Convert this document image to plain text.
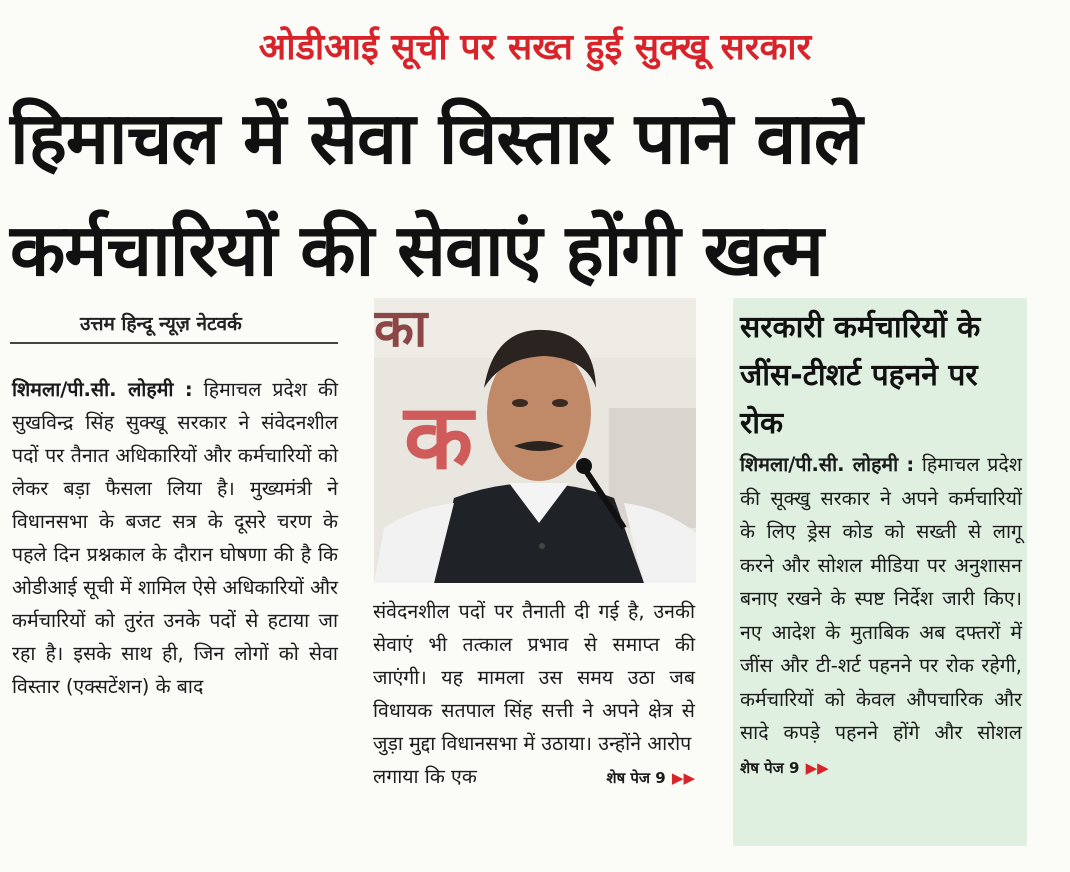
ओडीआई सूची पर सख्त हुई सुक्खू सरकार
हिमाचल में सेवा विस्तार पाने वाले
कर्मचारियों की सेवाएं होंगी खत्म
उत्तम हिन्दू न्यूज़ नेटवर्क
शिमला/पी.सी. लोहमी : हिमाचल प्रदेश की सुखविन्द्र सिंह सुक्खू सरकार ने संवेदनशील पदों पर तैनात अधिकारियों और कर्मचारियों को लेकर बड़ा फैसला लिया है। मुख्यमंत्री ने विधानसभा के बजट सत्र के दूसरे चरण के पहले दिन प्रश्नकाल के दौरान घोषणा की है कि ओडीआई सूची में शामिल ऐसे अधिकारियों और कर्मचारियों को तुरंत उनके पदों से हटाया जा रहा है। इसके साथ ही, जिन लोगों को सेवा विस्तार (एक्सटेंशन) के बाद
का
क
संवेदनशील पदों पर तैनाती दी गई है, उनकी सेवाएं भी तत्काल प्रभाव से समाप्त की जाएंगी। यह मामला उस समय उठा जब विधायक सतपाल सिंह सत्ती ने अपने क्षेत्र से जुड़ा मुद्दा विधानसभा में उठाया। उन्होंने आरोप
लगाया कि एक	शेष पेज 9 ▶▶
सरकारी कर्मचारियों के जींस-टीशर्ट पहनने पर रोक
शिमला/पी.सी. लोहमी : हिमाचल प्रदेश की सूक्खु सरकार ने अपने कर्मचारियों के लिए ड्रेस कोड को सख्ती से लागू करने और सोशल मीडिया पर अनुशासन बनाए रखने के स्पष्ट निर्देश जारी किए। नए आदेश के मुताबिक अब दफ्तरों में जींस और टी-शर्ट पहनने पर रोक रहेगी, कर्मचारियों को केवल औपचारिक और सादे कपड़े पहनने होंगे और सोशल शेष पेज 9 ▶▶
